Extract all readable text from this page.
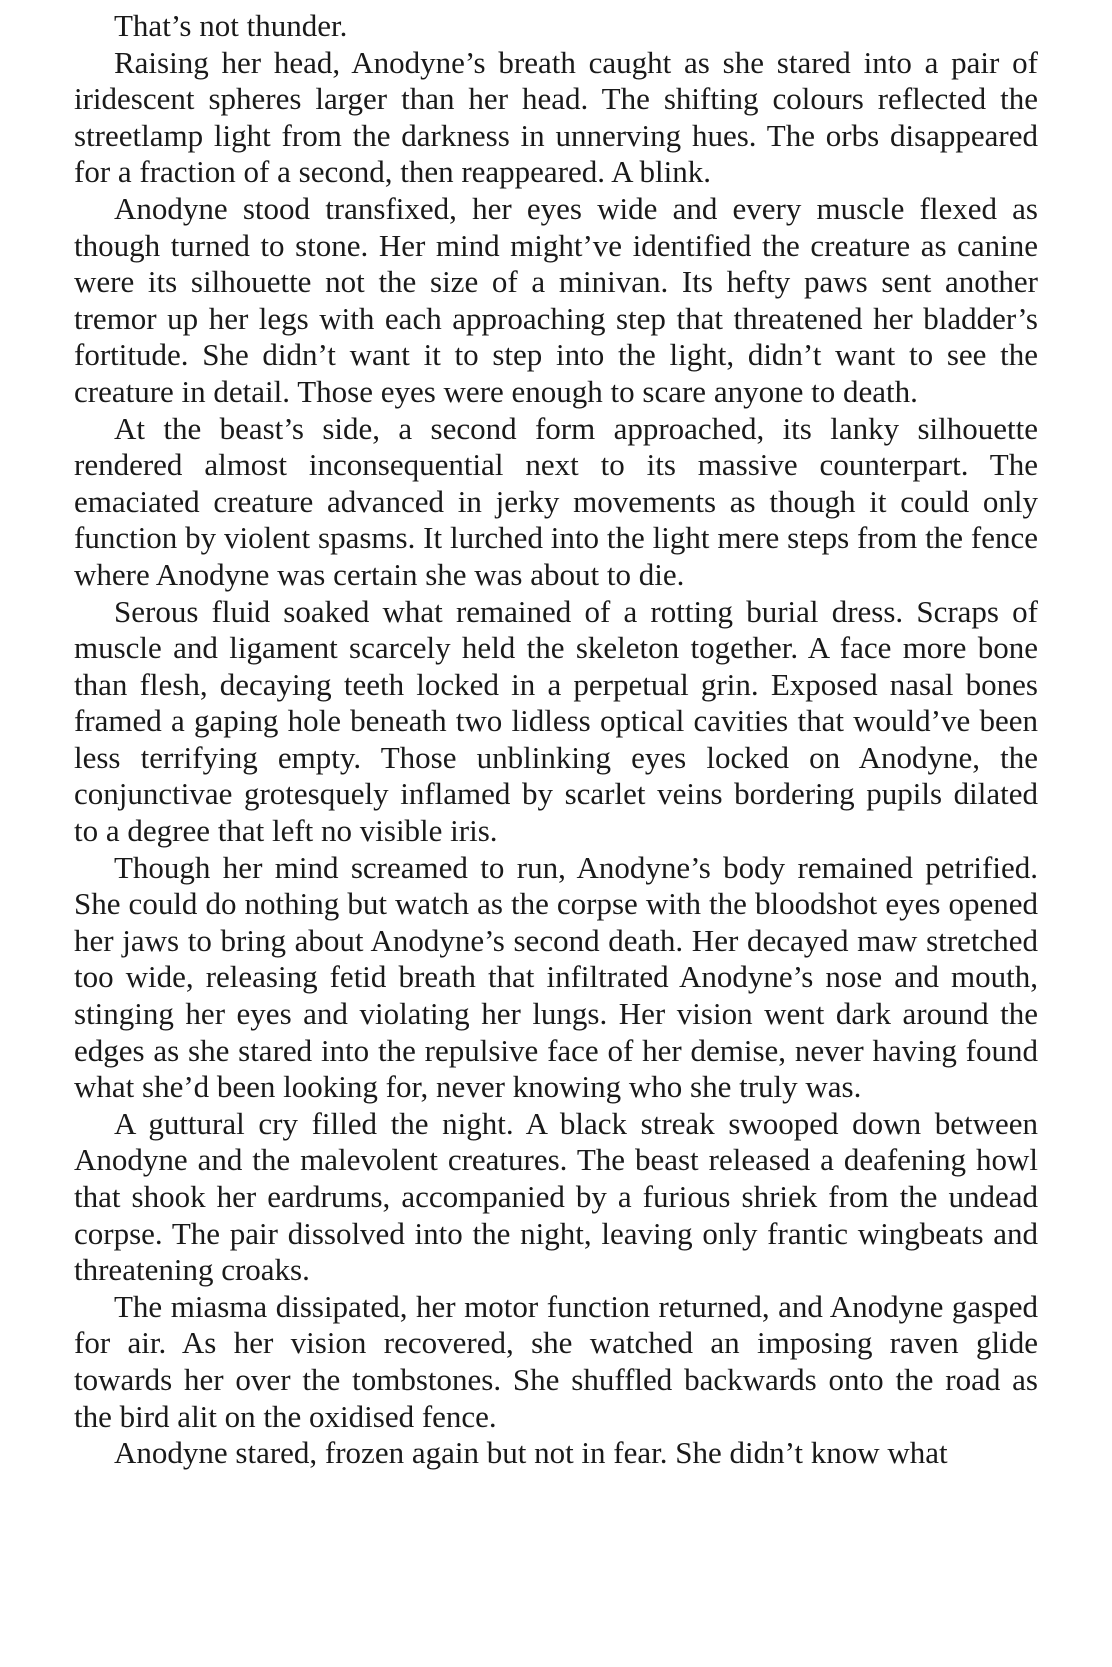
That’s not thunder.

Raising her head, Anodyne’s breath caught as she stared into a pair of iridescent spheres larger than her head. The shifting colours reflected the streetlamp light from the darkness in unnerving hues. The orbs disappeared for a fraction of a second, then reappeared. A blink.

Anodyne stood transfixed, her eyes wide and every muscle flexed as though turned to stone. Her mind might’ve identified the creature as canine were its silhouette not the size of a minivan. Its hefty paws sent another tremor up her legs with each approaching step that threatened her bladder’s fortitude. She didn’t want it to step into the light, didn’t want to see the creature in detail. Those eyes were enough to scare anyone to death.

At the beast’s side, a second form approached, its lanky silhouette rendered almost inconsequential next to its massive counterpart. The emaciated creature advanced in jerky movements as though it could only function by violent spasms. It lurched into the light mere steps from the fence where Anodyne was certain she was about to die.

Serous fluid soaked what remained of a rotting burial dress. Scraps of muscle and ligament scarcely held the skeleton together. A face more bone than flesh, decaying teeth locked in a perpetual grin. Exposed nasal bones framed a gaping hole beneath two lidless optical cavities that would’ve been less terrifying empty. Those unblinking eyes locked on Anodyne, the conjunctivae grotesquely inflamed by scarlet veins bordering pupils dilated to a degree that left no visible iris.

Though her mind screamed to run, Anodyne’s body remained petrified. She could do nothing but watch as the corpse with the bloodshot eyes opened her jaws to bring about Anodyne’s second death. Her decayed maw stretched too wide, releasing fetid breath that infiltrated Anodyne’s nose and mouth, stinging her eyes and violating her lungs. Her vision went dark around the edges as she stared into the repulsive face of her demise, never having found what she’d been looking for, never knowing who she truly was.

A guttural cry filled the night. A black streak swooped down between Anodyne and the malevolent creatures. The beast released a deafening howl that shook her eardrums, accompanied by a furious shriek from the undead corpse. The pair dissolved into the night, leaving only frantic wingbeats and threatening croaks.

The miasma dissipated, her motor function returned, and Anodyne gasped for air. As her vision recovered, she watched an imposing raven glide towards her over the tombstones. She shuffled backwards onto the road as the bird alit on the oxidised fence.

Anodyne stared, frozen again but not in fear. She didn’t know what
